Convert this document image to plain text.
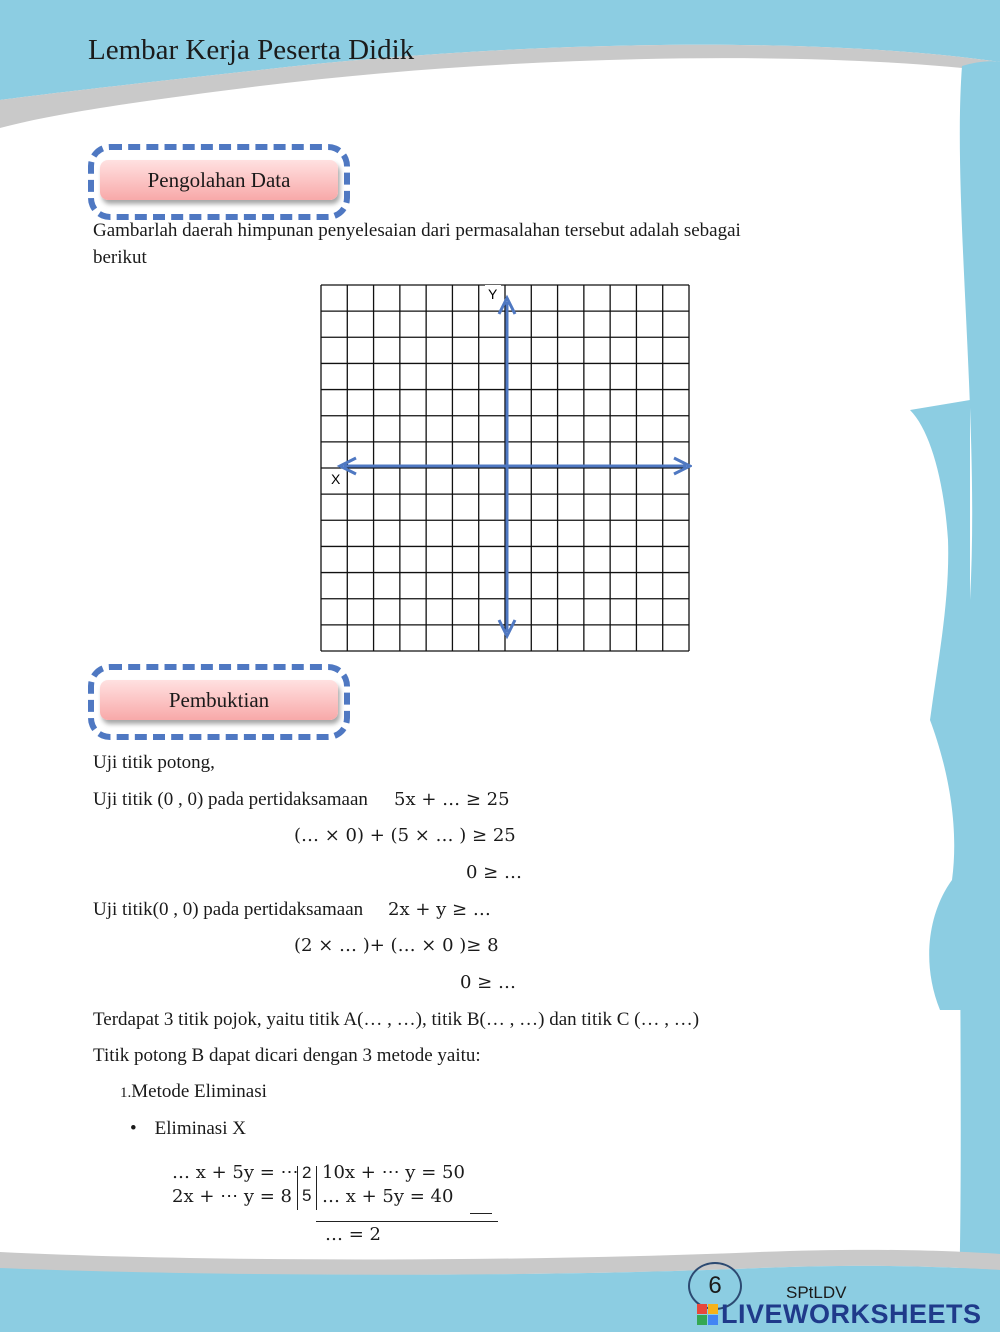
Lembar Kerja Peserta Didik
Pengolahan Data
Gambarlah daerah himpunan penyelesaian dari permasalahan tersebut adalah sebagai
berikut
Y
X
Pembuktian
Uji titik potong,
Uji titik (0 , 0) pada pertidaksamaan 5x + … ≥ 25
(… × 0) + (5 × … ) ≥ 25
0 ≥ …
Uji titik(0 , 0) pada pertidaksamaan 2x + y ≥ …
(2 × … )+ (… × 0 )≥ 8
0 ≥ …
Terdapat 3 titik pojok, yaitu titik A(… , …), titik B(… , …) dan titik C (… , …)
Titik potong B dapat dicari dengan 3 metode yaitu:
1.Metode Eliminasi
• Eliminasi X
… x + 5y = ⋯
2x + ⋯ y = 8
2
5
10x + ⋯ y = 50
… x + 5y = 40
… = 2
6	SPtLDV
LIVEWORKSHEETS
